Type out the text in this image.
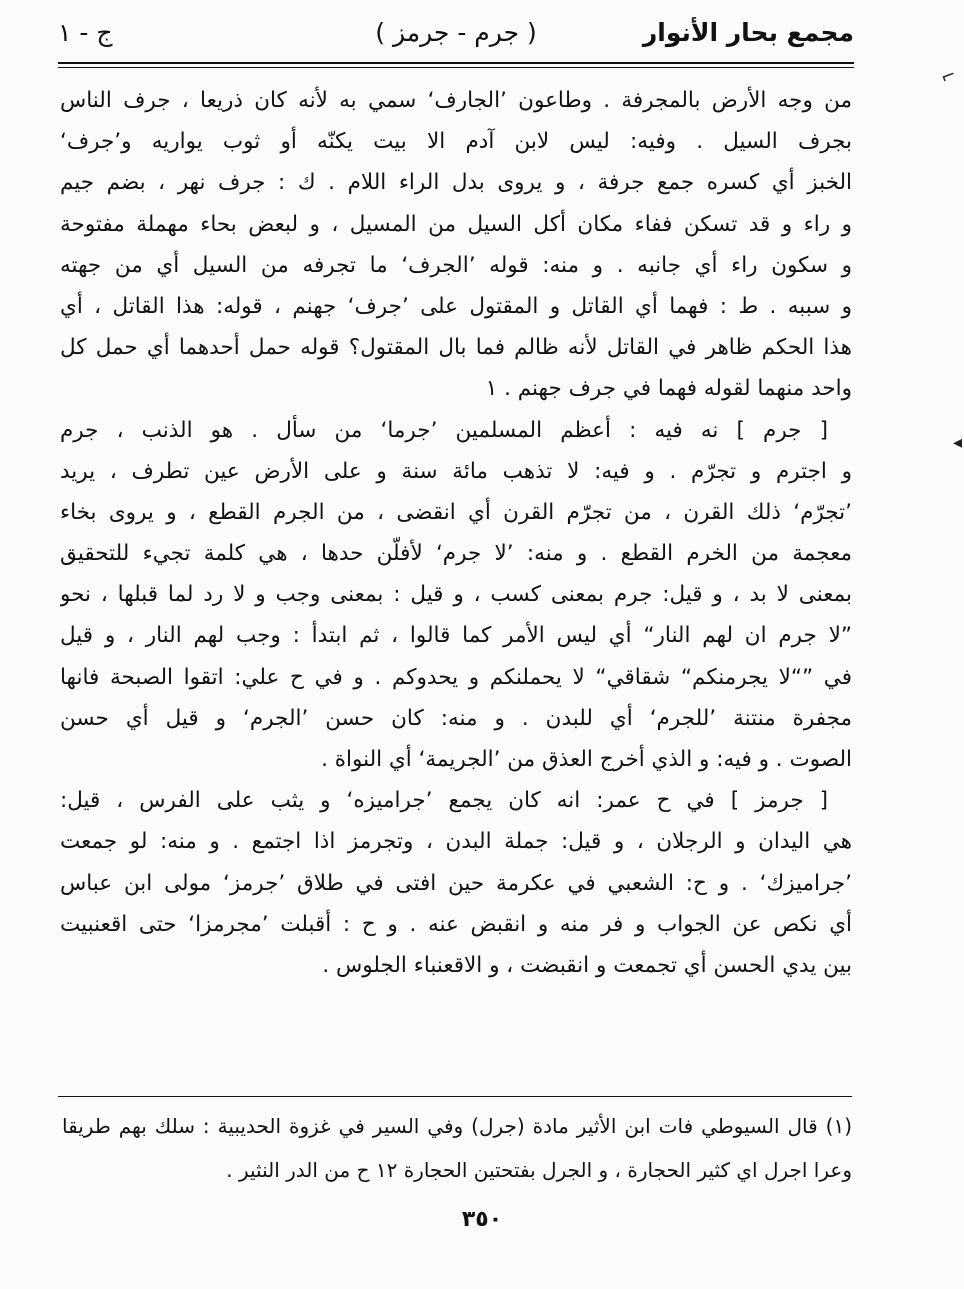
مجمع بحار الأنوار
( جرم - جرمز )
ج - ١
⌐
◂
من وجه الأرض بالمجرفة . وطاعون ’الجارف‘ سمي به لأنه كان ذريعا ، جرف الناس
بجرف السيل . وفيه: ليس لابن آدم الا بيت يكنّه أو ثوب يواريه و’جرف‘
الخبز أي كسره جمع جرفة ، و يروى بدل الراء اللام . ك : جرف نهر ، بضم جيم
و راء و قد تسكن ففاء مكان أكل السيل من المسيل ، و لبعض بحاء مهملة مفتوحة
و سكون راء أي جانبه . و منه: قوله ’الجرف‘ ما تجرفه من السيل أي من جهته
و سببه . ط : فهما أي القاتل و المقتول على ’جرف‘ جهنم ، قوله: هذا القاتل ، أي
هذا الحكم ظاهر في القاتل لأنه ظالم فما بال المقتول؟ قوله حمل أحدهما أي حمل كل
واحد منهما لقوله فهما في جرف جهنم . ١
[ جرم ] نه فيه : أعظم المسلمين ’جرما‘ من سأل . هو الذنب ، جرم
و اجترم و تجرّم . و فيه: لا تذهب مائة سنة و على الأرض عين تطرف ، يريد
’تجرّم‘ ذلك القرن ، من تجرّم القرن أي انقضى ، من الجرم القطع ، و يروى بخاء
معجمة من الخرم القطع . و منه: ’لا جرم‘ لأفلّن حدها ، هي كلمة تجيء للتحقيق
بمعنى لا بد ، و قيل: جرم بمعنى كسب ، و قيل : بمعنى وجب و لا رد لما قبلها ، نحو
”لا جرم ان لهم النار“ أي ليس الأمر كما قالوا ، ثم ابتدأ : وجب لهم النار ، و قيل
في ”“لا يجرمنكم“ شقاقي“ لا يحملنكم و يحدوكم . و في ح علي: اتقوا الصبحة فانها
مجفرة منتنة ’للجرم‘ أي للبدن . و منه: كان حسن ’الجرم‘ و قيل أي حسن
الصوت . و فيه: و الذي أخرج العذق من ’الجريمة‘ أي النواة .
[ جرمز ] في ح عمر: انه كان يجمع ’جراميزه‘ و يثب على الفرس ، قيل:
هي اليدان و الرجلان ، و قيل: جملة البدن ، وتجرمز اذا اجتمع . و منه: لو جمعت
’جراميزك‘ . و ح: الشعبي في عكرمة حين افتى في طلاق ’جرمز‘ مولى ابن عباس
أي نكص عن الجواب و فر منه و انقبض عنه . و ح : أقبلت ’مجرمزا‘ حتى اقعنبيت
بين يدي الحسن أي تجمعت و انقبضت ، و الاقعنباء الجلوس .
(١) قال السيوطي فات ابن الأثير مادة (جرل) وفي السير في غزوة الحديبية : سلك بهم طريقا
وعرا اجرل اي كثير الحجارة ، و الجرل بفتحتين الحجارة ١٢ ح من الدر النثير .
٣٥٠
